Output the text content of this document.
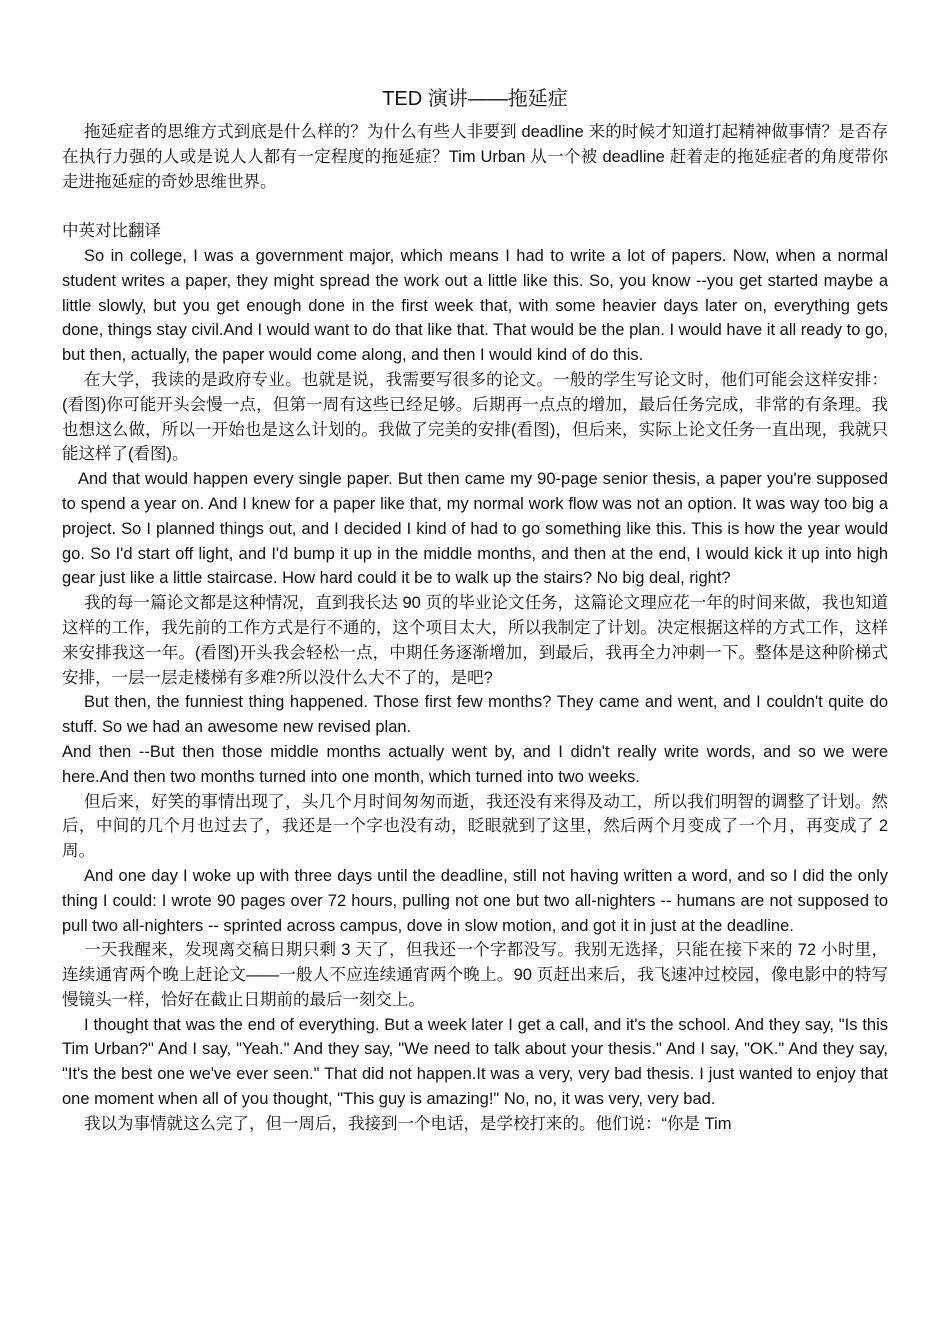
TED 演讲——拖延症

拖延症者的思维方式到底是什么样的？为什么有些人非要到 deadline 来的时候才知道打起精神做事情？是否存在执行力强的人或是说人人都有一定程度的拖延症？Tim Urban 从一个被 deadline 赶着走的拖延症者的角度带你走进拖延症的奇妙思维世界。

中英对比翻译

So in college, I was a government major, which means I had to write a lot of papers. Now, when a normal student writes a paper, they might spread the work out a little like this. So, you know --you get started maybe a little slowly, but you get enough done in the first week that, with some heavier days later on, everything gets done, things stay civil.And I would want to do that like that. That would be the plan. I would have it all ready to go, but then, actually, the paper would come along, and then I would kind of do this.

在大学，我读的是政府专业。也就是说，我需要写很多的论文。一般的学生写论文时，他们可能会这样安排：(看图)你可能开头会慢一点，但第一周有这些已经足够。后期再一点点的增加，最后任务完成，非常的有条理。我也想这么做，所以一开始也是这么计划的。我做了完美的安排(看图)，但后来，实际上论文任务一直出现，我就只能这样了(看图)。

And that would happen every single paper. But then came my 90-page senior thesis, a paper you're supposed to spend a year on. And I knew for a paper like that, my normal work flow was not an option. It was way too big a project. So I planned things out, and I decided I kind of had to go something like this. This is how the year would go. So I'd start off light, and I'd bump it up in the middle months, and then at the end, I would kick it up into high gear just like a little staircase. How hard could it be to walk up the stairs? No big deal, right?

我的每一篇论文都是这种情况，直到我长达 90 页的毕业论文任务，这篇论文理应花一年的时间来做，我也知道这样的工作，我先前的工作方式是行不通的，这个项目太大，所以我制定了计划。决定根据这样的方式工作，这样来安排我这一年。(看图)开头我会轻松一点，中期任务逐渐增加，到最后，我再全力冲刺一下。整体是这种阶梯式安排，一层一层走楼梯有多难?所以没什么大不了的，是吧?

But then, the funniest thing happened. Those first few months? They came and went, and I couldn't quite do stuff. So we had an awesome new revised plan.

And then --But then those middle months actually went by, and I didn't really write words, and so we were here.And then two months turned into one month, which turned into two weeks.

但后来，好笑的事情出现了，头几个月时间匆匆而逝，我还没有来得及动工，所以我们明智的调整了计划。然后，中间的几个月也过去了，我还是一个字也没有动，眨眼就到了这里，然后两个月变成了一个月，再变成了 2 周。

And one day I woke up with three days until the deadline, still not having written a word, and so I did the only thing I could: I wrote 90 pages over 72 hours, pulling not one but two all-nighters -- humans are not supposed to pull two all-nighters -- sprinted across campus, dove in slow motion, and got it in just at the deadline.

一天我醒来，发现离交稿日期只剩 3 天了，但我还一个字都没写。我别无选择，只能在接下来的 72 小时里，连续通宵两个晚上赶论文——一般人不应连续通宵两个晚上。90 页赶出来后，我飞速冲过校园，像电影中的特写慢镜头一样，恰好在截止日期前的最后一刻交上。

I thought that was the end of everything. But a week later I get a call, and it's the school. And they say, "Is this Tim Urban?" And I say, "Yeah." And they say, "We need to talk about your thesis." And I say, "OK." And they say, "It's the best one we've ever seen." That did not happen.It was a very, very bad thesis. I just wanted to enjoy that one moment when all of you thought, "This guy is amazing!" No, no, it was very, very bad.

我以为事情就这么完了，但一周后，我接到一个电话，是学校打来的。他们说：“你是 Tim
